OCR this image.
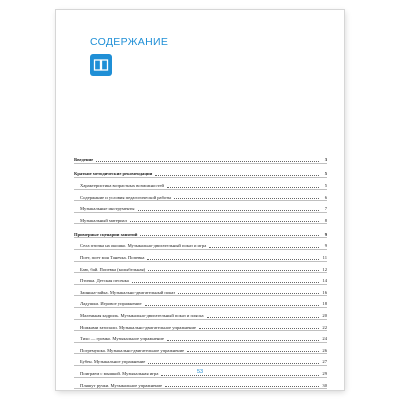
СОДЕРЖАНИЕ
Введение	3
Краткие методические рекомендации	5
Характеристика возрастных возможностей	5
Содержание и условия педагогической работы	6
Музыкальные инструменты	7
Музыкальный материал	8
Примерные сценарии занятий	9
Села птичка на окошко. Музыкально-двигательный показ и игра	9
Поет, поет моя Танечка. Попевка	11
Баю, бай. Попевка (колыбельная)	12
Птичка. Детская песенка	14
Заинька-зайка. Музыкально-двигательный показ	16
Ладушки. Игровое упражнение	18
Маленькая кадриль. Музыкально-двигательный показ и пляска	20
Ножками затопали. Музыкально-двигательное упражнение	22
Тихо — громко. Музыкальное упражнение	24
Погремушка. Музыкально-двигательное упражнение	26
Бубен. Музыкальное упражнение	27
Поиграем с мышкой. Музыкальная игра	29
Пляшут ручки. Музыкальное упражнение	30
53
